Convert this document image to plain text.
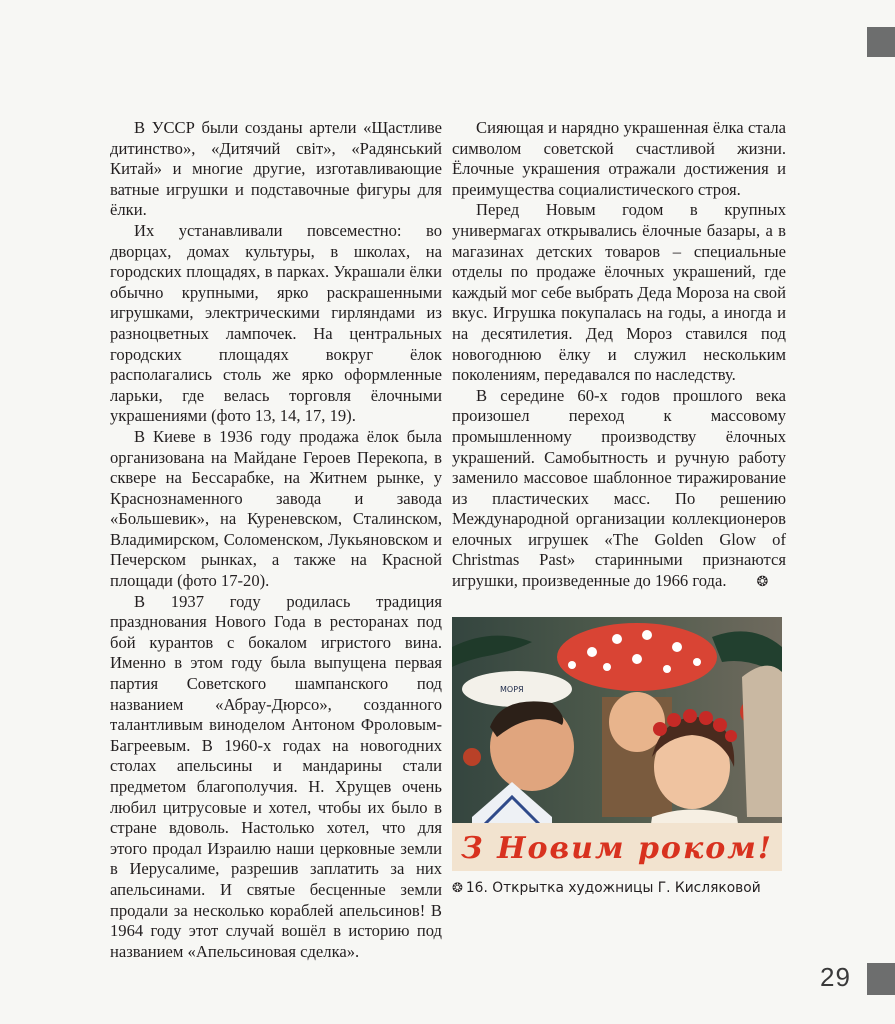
В УССР были созданы артели «Щастливе дитинство», «Дитячий свiт», «Радянський Китай» и многие другие, изготавливающие ватные игрушки и подставочные фигуры для ёлки.

Их устанавливали повсеместно: во дворцах, домах культуры, в школах, на городских площадях, в парках. Украшали ёлки обычно крупными, ярко раскрашенными игрушками, электрическими гирляндами из разноцветных лампочек. На центральных городских площадях вокруг ёлок располагались столь же ярко оформленные ларьки, где велась торговля ёлочными украшениями (фото 13, 14, 17, 19).

В Киеве в 1936 году продажа ёлок была организована на Майдане Героев Перекопа, в сквере на Бессарабке, на Житнем рынке, у Краснознаменного завода и завода «Большевик», на Куреневском, Сталинском, Владимирском, Соломенском, Лукьяновском и Печерском рынках, а также на Красной площади (фото 17-20).

В 1937 году родилась традиция празднования Нового Года в ресторанах под бой курантов с бокалом игристого вина. Именно в этом году была выпущена первая партия Советского шампанского под названием «Абрау-Дюрсо», созданного талантливым виноделом Антоном Фроловым-Багреевым. В 1960-х годах на новогодних столах апельсины и мандарины стали предметом благополучия. Н. Хрущев очень любил цитрусовые и хотел, чтобы их было в стране вдоволь. Настолько хотел, что для этого продал Израилю наши церковные земли в Иерусалиме, разрешив заплатить за них апельсинами. И святые бесценные земли продали за несколько кораблей апельсинов! В 1964 году этот случай вошёл в историю под названием «Апельсиновая сделка».

Сияющая и нарядно украшенная ёлка стала символом советской счастливой жизни. Ёлочные украшения отражали достижения и преимущества социалистического строя.

Перед Новым годом в крупных универмагах открывались ёлочные базары, а в магазинах детских товаров – специальные отделы по продаже ёлочных украшений, где каждый мог себе выбрать Деда Мороза на свой вкус. Игрушка покупалась на годы, а иногда и на десятилетия. Дед Мороз ставился под новогоднюю ёлку и служил нескольким поколениям, передавался по наследству.

В середине 60-х годов прошлого века произошел переход к массовому промышленному производству ёлочных украшений. Самобытность и ручную работу заменило массовое шаблонное тиражирование из пластических масс. По решению Международной организации коллекционеров елочных игрушек «The Golden Glow of Christmas Past» старинными признаются игрушки, произведенные до 1966 года. ❂

МОРЯ
З Новим роком!
❂ 16. Открытка художницы Г. Кисляковой
29
